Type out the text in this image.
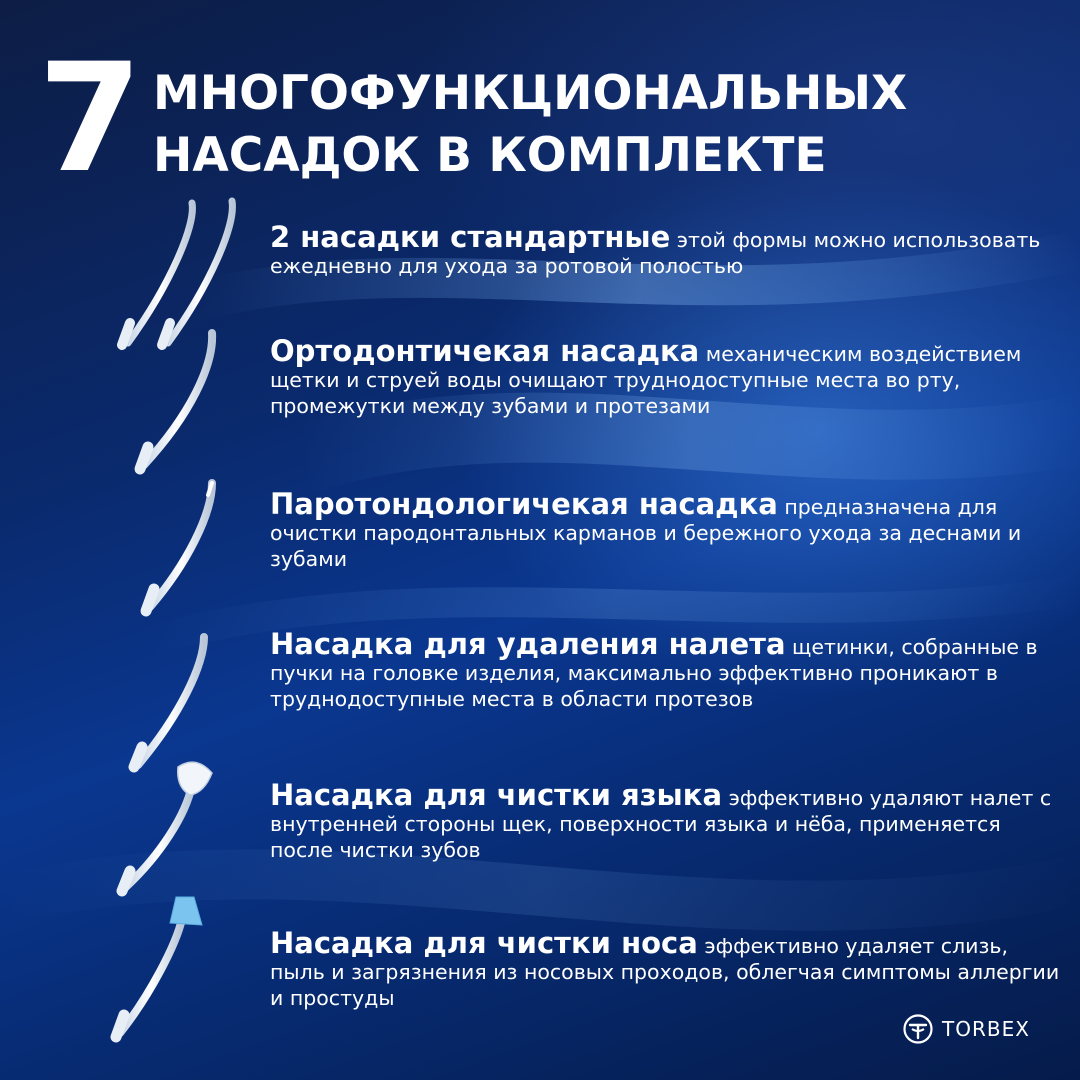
7 МНОГОФУНКЦИОНАЛЬНЫХ
НАСАДОК В КОМПЛЕКТЕ

2 насадки стандартные этой формы можно использовать ежедневно для ухода за ротовой полостью

Ортодонтичекая насадка механическим воздействием щетки и струей воды очищают труднодоступные места во рту, промежутки между зубами и протезами

Паротондологичекая насадка предназначена для очистки пародонтальных карманов и бережного ухода за деснами и зубами

Насадка для удаления налета щетинки, собранные в пучки на головке изделия, максимально эффективно проникают в труднодоступные места в области протезов

Насадка для чистки языка эффективно удаляют налет с внутренней стороны щек, поверхности языка и нёба, применяется после чистки зубов

Насадка для чистки носа эффективно удаляет слизь, пыль и загрязнения из носовых проходов, облегчая симптомы аллергии и простуды

TORBEX
